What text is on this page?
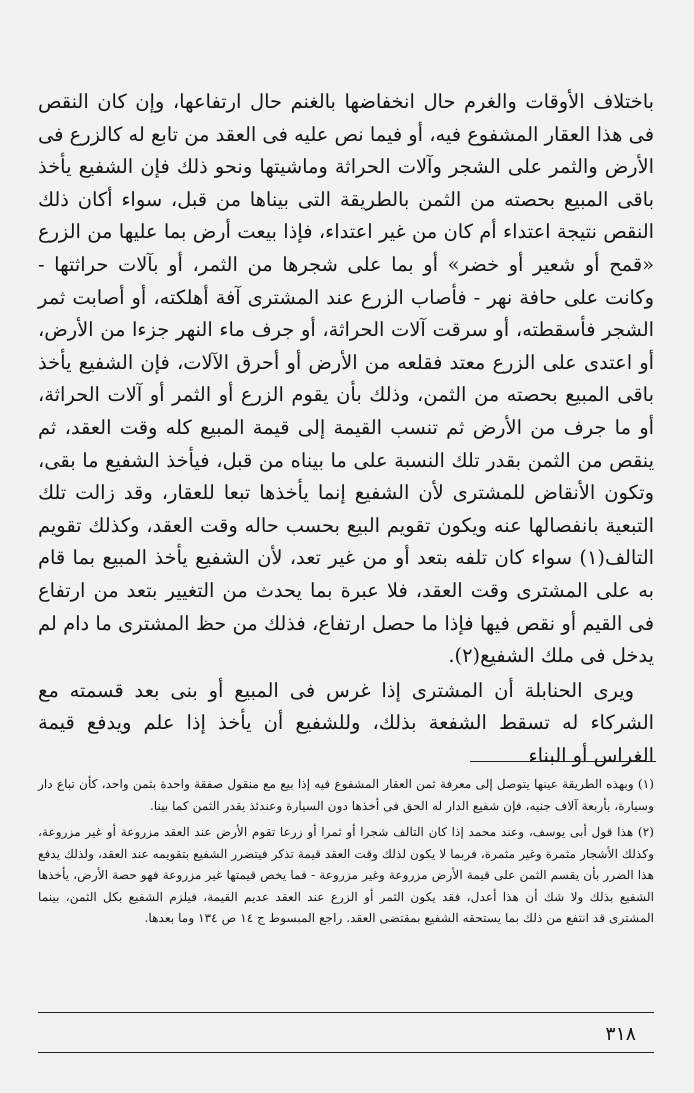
باختلاف الأوقات والغرم حال انخفاضها بالغنم حال ارتفاعها، وإن كان النقص فى هذا العقار المشفوع فيه، أو فيما نص عليه فى العقد من تابع له كالزرع فى الأرض والثمر على الشجر وآلات الحراثة وماشيتها ونحو ذلك فإن الشفيع يأخذ باقى المبيع بحصته من الثمن بالطريقة التى بيناها من قبل، سواء أكان ذلك النقص نتيجة اعتداء أم كان من غير اعتداء، فإذا بيعت أرض بما عليها من الزرع «قمح أو شعير أو خضر» أو بما على شجرها من الثمر، أو بآلات حراثتها - وكانت على حافة نهر - فأصاب الزرع عند المشترى آفة أهلكته، أو أصابت ثمر الشجر فأسقطته، أو سرقت آلات الحراثة، أو جرف ماء النهر جزءا من الأرض، أو اعتدى على الزرع معتد فقلعه من الأرض أو أحرق الآلات، فإن الشفيع يأخذ باقى المبيع بحصته من الثمن، وذلك بأن يقوم الزرع أو الثمر أو آلات الحراثة، أو ما جرف من الأرض ثم تنسب القيمة إلى قيمة المبيع كله وقت العقد، ثم ينقص من الثمن بقدر تلك النسبة على ما بيناه من قبل، فيأخذ الشفيع ما بقى، وتكون الأنقاض للمشترى لأن الشفيع إنما يأخذها تبعا للعقار، وقد زالت تلك التبعية بانفصالها عنه ويكون تقويم البيع بحسب حاله وقت العقد، وكذلك تقويم التالف(١) سواء كان تلفه بتعد أو من غير تعد، لأن الشفيع يأخذ المبيع بما قام به على المشترى وقت العقد، فلا عبرة بما يحدث من التغيير بتعد من ارتفاع فى القيم أو نقص فيها فإذا ما حصل ارتفاع، فذلك من حظ المشترى ما دام لم يدخل فى ملك الشفيع(٢).

ويرى الحنابلة أن المشترى إذا غرس فى المبيع أو بنى بعد قسمته مع الشركاء له تسقط الشفعة بذلك، وللشفيع أن يأخذ إذا علم ويدفع قيمة الغراس أو البناء

(١) وبهذه الطريقة عينها يتوصل إلى معرفة ثمن العقار المشفوع فيه إذا بيع مع منقول صفقة واحدة بثمن واحد، كأن تباع دار وسيارة، بأربعة آلاف جنيه، فإن شفيع الدار له الحق فى أخذها دون السيارة وعندئذ يقدر الثمن كما بينا.

(٢) هذا قول أبى يوسف، وعند محمد إذا كان التالف شجرا أو ثمرا أو زرعا تقوم الأرض عند العقد مزروعة أو غير مزروعة، وكذلك الأشجار مثمرة وغير مثمرة، فربما لا يكون لذلك وقت العقد قيمة تذكر فيتضرر الشفيع بتقويمه عند العقد، ولذلك يدفع هذا الضرر بأن يقسم الثمن على قيمة الأرض مزروعة وغير مزروعة - فما يخص قيمتها غير مزروعة فهو حصة الأرض، يأخذها الشفيع بذلك ولا شك أن هذا أعدل، فقد يكون الثمر أو الزرع عند العقد عديم القيمة، فيلزم الشفيع بكل الثمن، بينما المشترى قد انتفع من ذلك بما يستحقه الشفيع بمقتضى العقد. راجع المبسوط ج ١٤ ص ١٣٤ وما بعدها.

٣١٨
